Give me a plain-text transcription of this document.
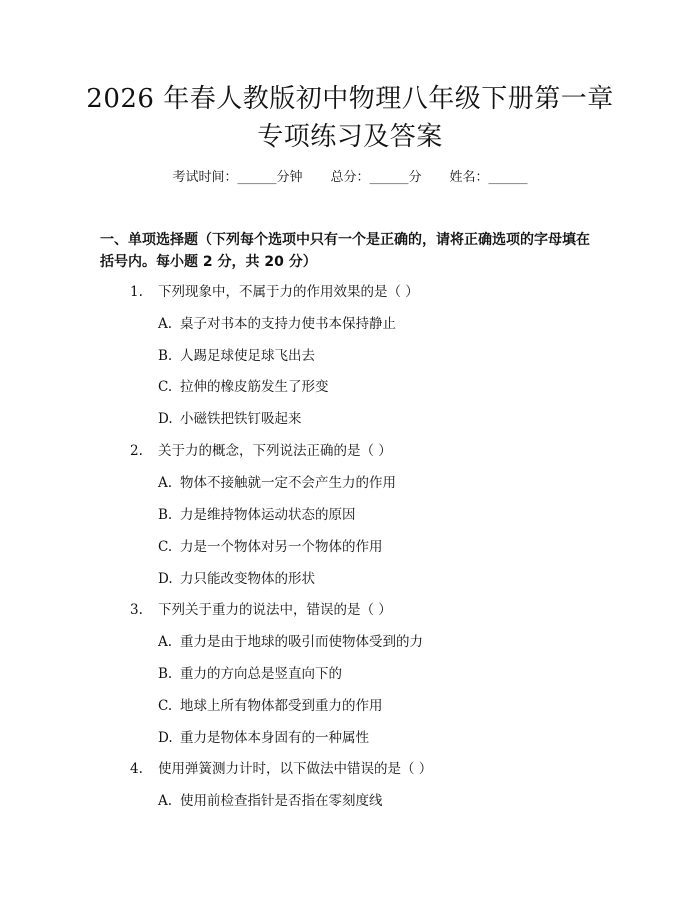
2026 年春人教版初中物理八年级下册第一章
专项练习及答案
考试时间：______分钟 总分：______分 姓名：______
一、单项选择题（下列每个选项中只有一个是正确的，请将正确选项的字母填在括号内。每小题 2 分，共 20 分）
1. 下列现象中，不属于力的作用效果的是（ ）
A. 桌子对书本的支持力使书本保持静止
B. 人踢足球使足球飞出去
C. 拉伸的橡皮筋发生了形变
D. 小磁铁把铁钉吸起来
2. 关于力的概念，下列说法正确的是（ ）
A. 物体不接触就一定不会产生力的作用
B. 力是维持物体运动状态的原因
C. 力是一个物体对另一个物体的作用
D. 力只能改变物体的形状
3. 下列关于重力的说法中，错误的是（ ）
A. 重力是由于地球的吸引而使物体受到的力
B. 重力的方向总是竖直向下的
C. 地球上所有物体都受到重力的作用
D. 重力是物体本身固有的一种属性
4. 使用弹簧测力计时，以下做法中错误的是（ ）
A. 使用前检查指针是否指在零刻度线
